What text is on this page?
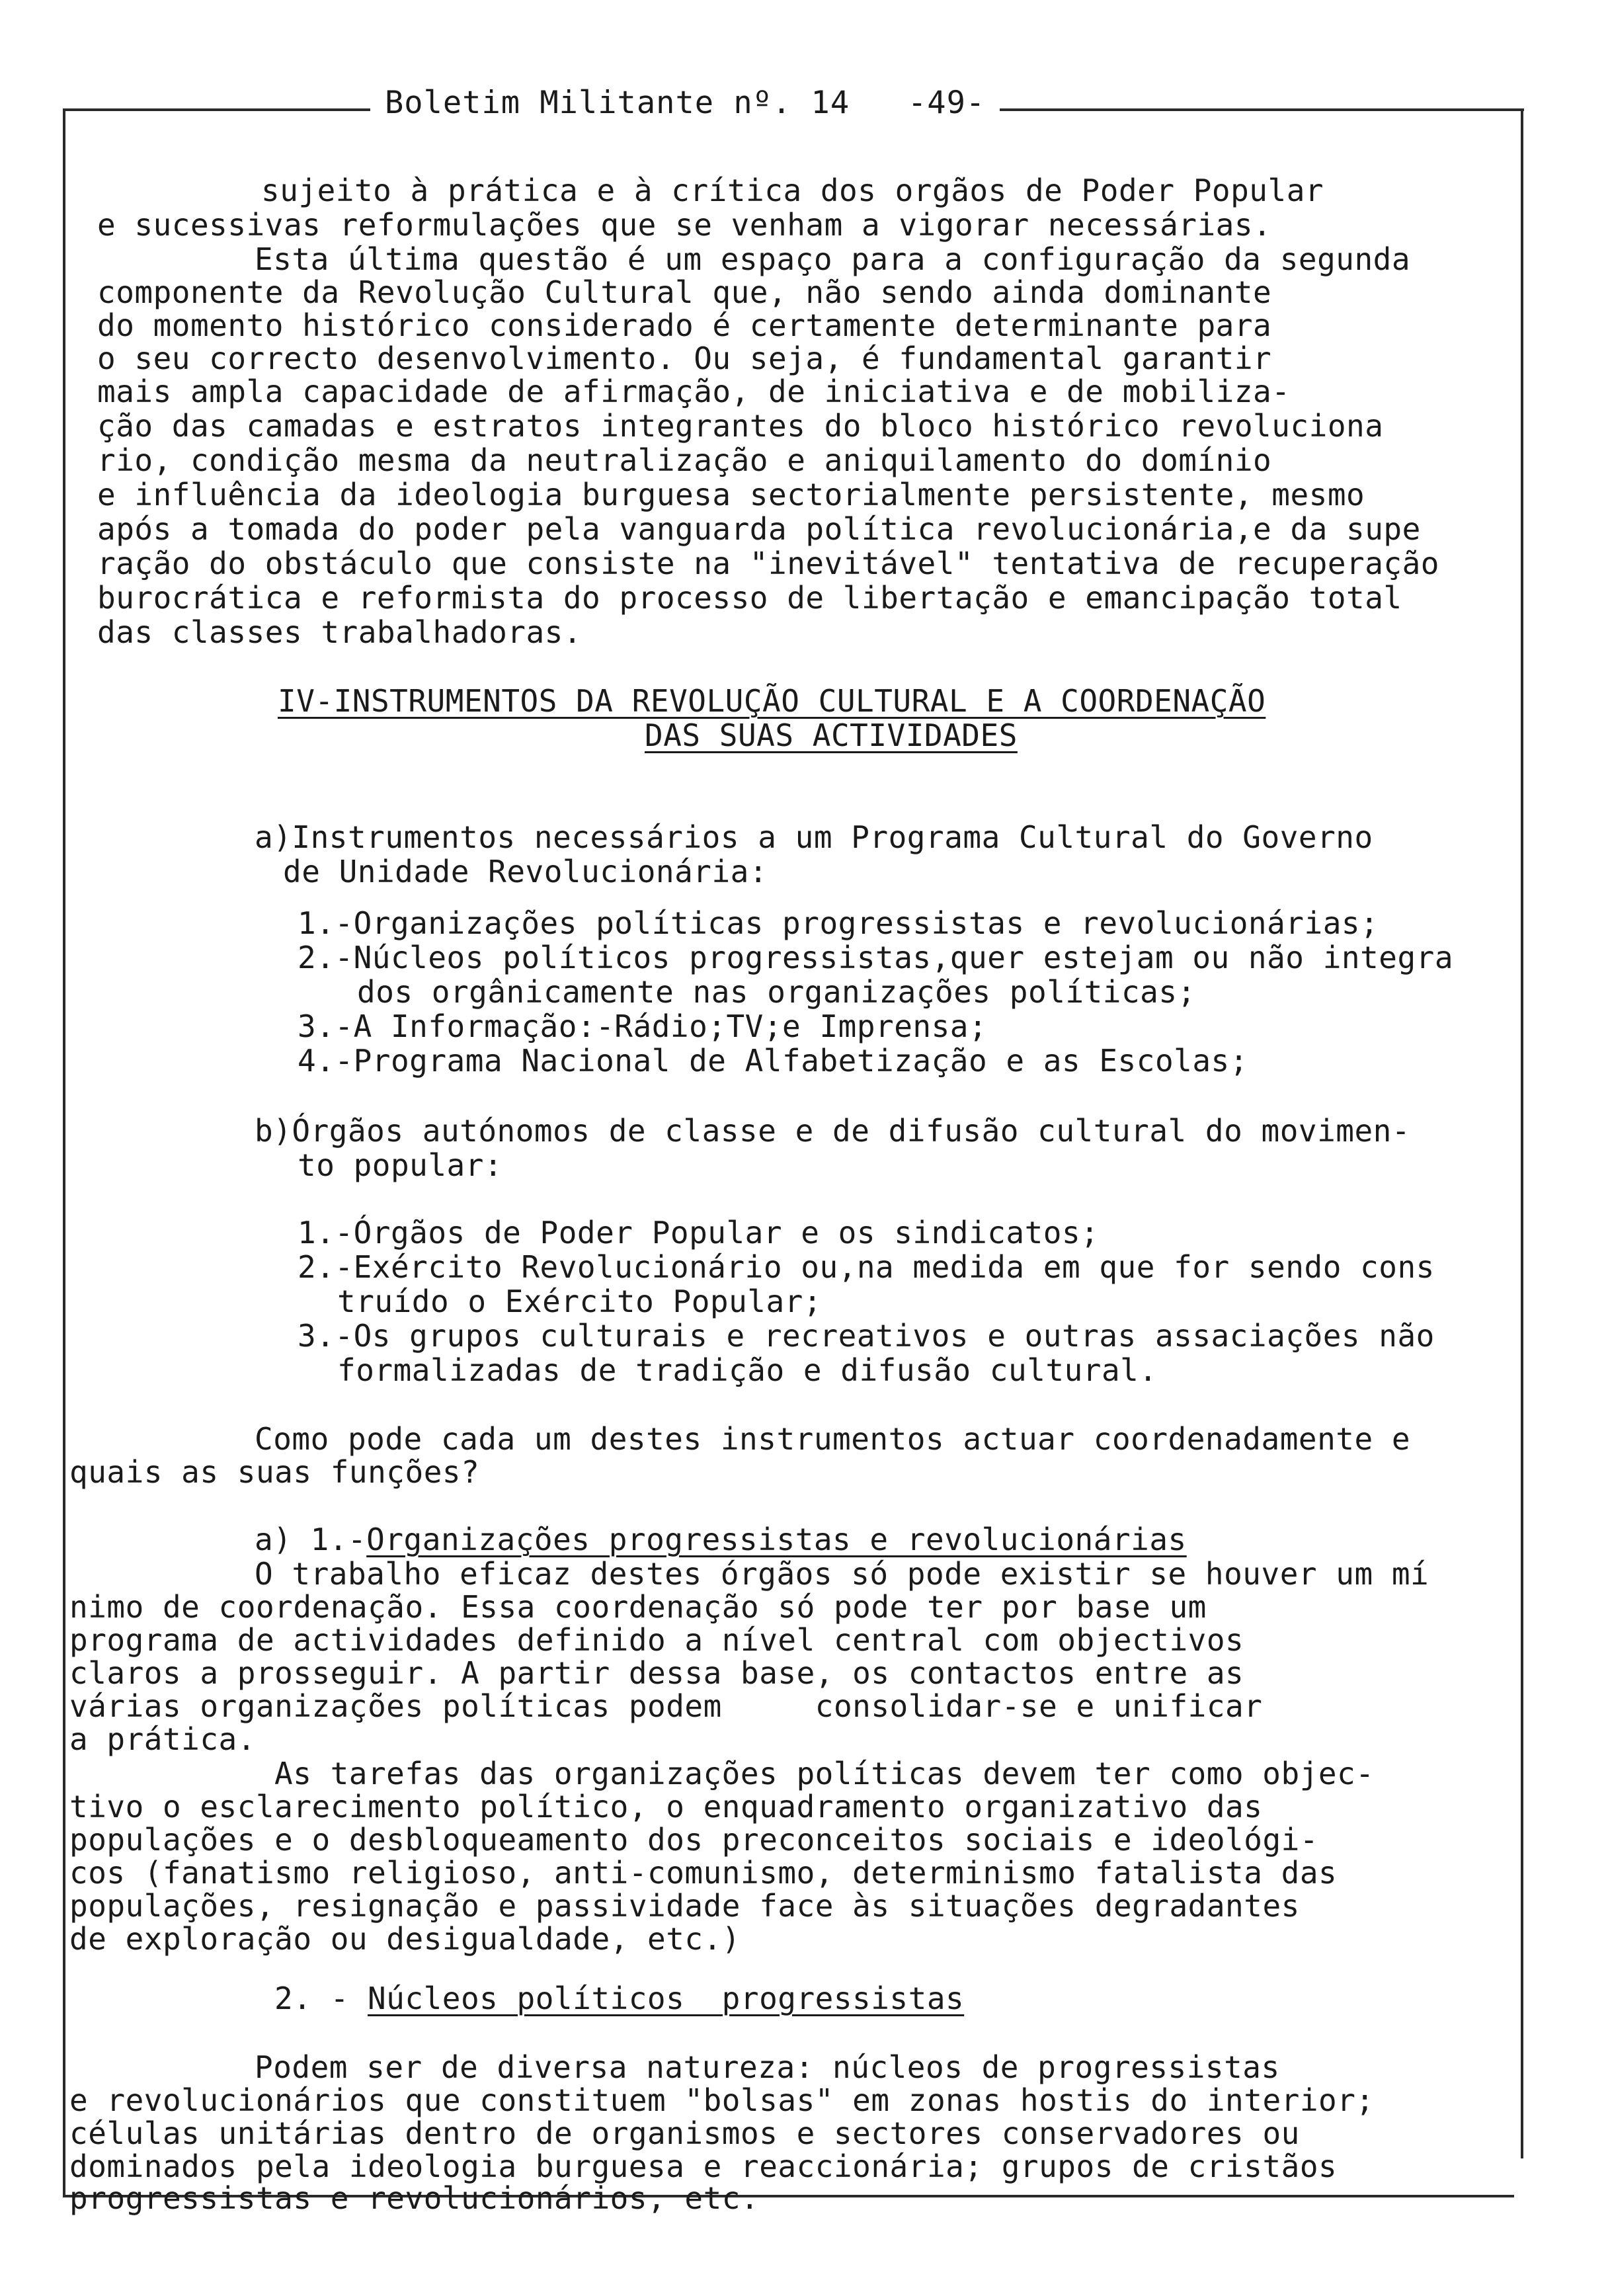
Boletim Militante nº. 14 -49-
sujeito à prática e à crítica dos orgãos de Poder Popular
e sucessivas reformulações que se venham a vigorar necessárias.
Esta última questão é um espaço para a configuração da segunda
componente da Revolução Cultural que, não sendo ainda dominante
do momento histórico considerado é certamente determinante para
o seu correcto desenvolvimento. Ou seja, é fundamental garantir
mais ampla capacidade de afirmação, de iniciativa e de mobiliza-
ção das camadas e estratos integrantes do bloco histórico revoluciona
rio, condição mesma da neutralização e aniquilamento do domínio
e influência da ideologia burguesa sectorialmente persistente, mesmo
após a tomada do poder pela vanguarda política revolucionária,e da supe
ração do obstáculo que consiste na "inevitável" tentativa de recuperação
burocrática e reformista do processo de libertação e emancipação total
das classes trabalhadoras.
IV-INSTRUMENTOS DA REVOLUÇÃO CULTURAL E A COORDENAÇÃO
DAS SUAS ACTIVIDADES
a)Instrumentos necessários a um Programa Cultural do Governo
de Unidade Revolucionária:
1.-Organizações políticas progressistas e revolucionárias;
2.-Núcleos políticos progressistas,quer estejam ou não integra
dos orgânicamente nas organizações políticas;
3.-A Informação:-Rádio;TV;e Imprensa;
4.-Programa Nacional de Alfabetização e as Escolas;
b)Órgãos autónomos de classe e de difusão cultural do movimen-
to popular:
1.-Órgãos de Poder Popular e os sindicatos;
2.-Exército Revolucionário ou,na medida em que for sendo cons
truído o Exército Popular;
3.-Os grupos culturais e recreativos e outras assaciações não
formalizadas de tradição e difusão cultural.
Como pode cada um destes instrumentos actuar coordenadamente e
quais as suas funções?
a) 1.-Organizações progressistas e revolucionárias
O trabalho eficaz destes órgãos só pode existir se houver um mí
nimo de coordenação. Essa coordenação só pode ter por base um
programa de actividades definido a nível central com objectivos
claros a prosseguir. A partir dessa base, os contactos entre as
várias organizações políticas podem     consolidar-se e unificar
a prática.
As tarefas das organizações políticas devem ter como objec-
tivo o esclarecimento político, o enquadramento organizativo das
populações e o desbloqueamento dos preconceitos sociais e ideológi-
cos (fanatismo religioso, anti-comunismo, determinismo fatalista das
populações, resignação e passividade face às situações degradantes
de exploração ou desigualdade, etc.)
2. - Núcleos políticos  progressistas
Podem ser de diversa natureza: núcleos de progressistas
e revolucionários que constituem "bolsas" em zonas hostis do interior;
células unitárias dentro de organismos e sectores conservadores ou
dominados pela ideologia burguesa e reaccionária; grupos de cristãos
progressistas e revolucionários, etc.
